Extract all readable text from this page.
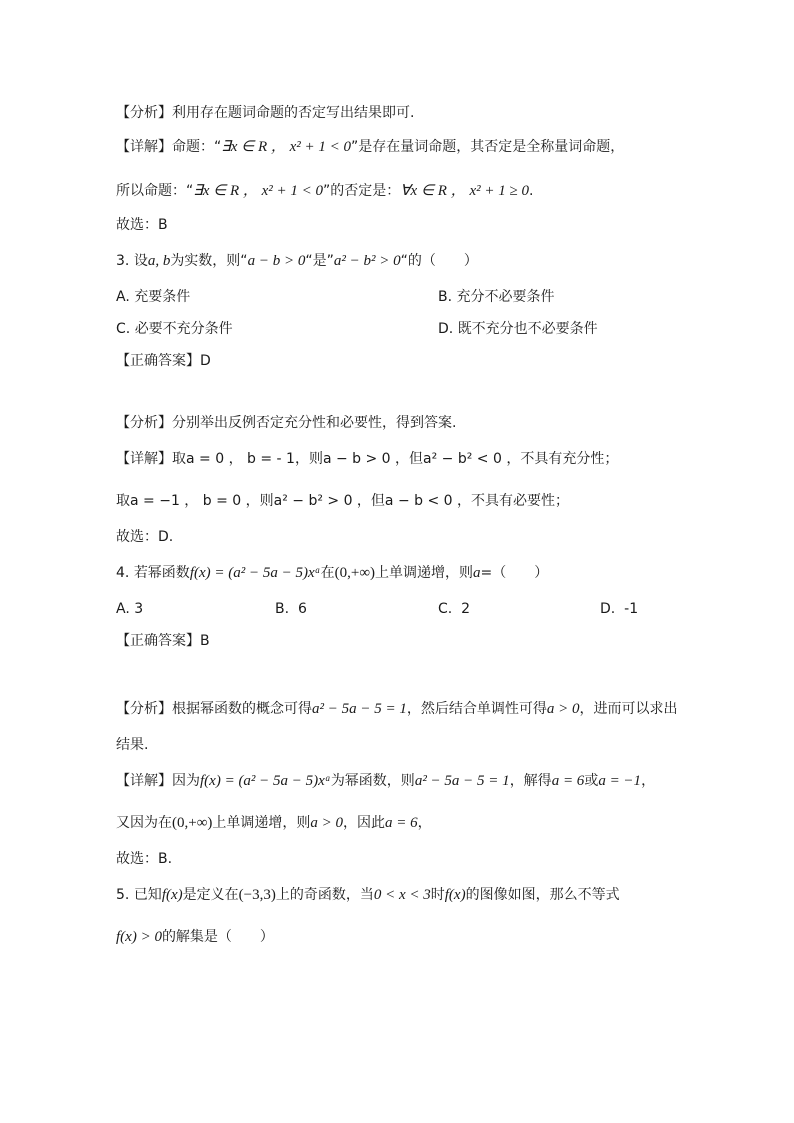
【分析】利用存在题词命题的否定写出结果即可.
【详解】命题：“∃x ∈ R ， x² + 1 < 0”是存在量词命题，其否定是全称量词命题，
所以命题：“∃x ∈ R ， x² + 1 < 0”的否定是：∀x ∈ R ， x² + 1 ≥ 0.
故选：B
3. 设a, b为实数，则“a − b > 0“是”a² − b² > 0“的（　　）
A. 充要条件	B. 充分不必要条件
C. 必要不充分条件	D. 既不充分也不必要条件
【正确答案】D
【分析】分别举出反例否定充分性和必要性，得到答案.
【详解】取a = 0 ， b = - 1，则a − b > 0 ，但a² − b² < 0 ，不具有充分性；
取a = −1 ， b = 0 ，则a² − b² > 0 ，但a − b < 0 ，不具有必要性；
故选：D.
4. 若幂函数f(x) = (a² − 5a − 5)xᵃ在(0,+∞)上单调递增，则a=（　　）
A. 3	B. 6	C. 2	D. -1
【正确答案】B
【分析】根据幂函数的概念可得a² − 5a − 5 = 1，然后结合单调性可得a > 0，进而可以求出
结果.
【详解】因为f(x) = (a² − 5a − 5)xᵃ为幂函数，则a² − 5a − 5 = 1，解得a = 6或a = −1，
又因为在(0,+∞)上单调递增，则a > 0，因此a = 6，
故选：B.
5. 已知f(x)是定义在(−3,3)上的奇函数，当0 < x < 3时f(x)的图像如图，那么不等式
f(x) > 0的解集是（　　）
